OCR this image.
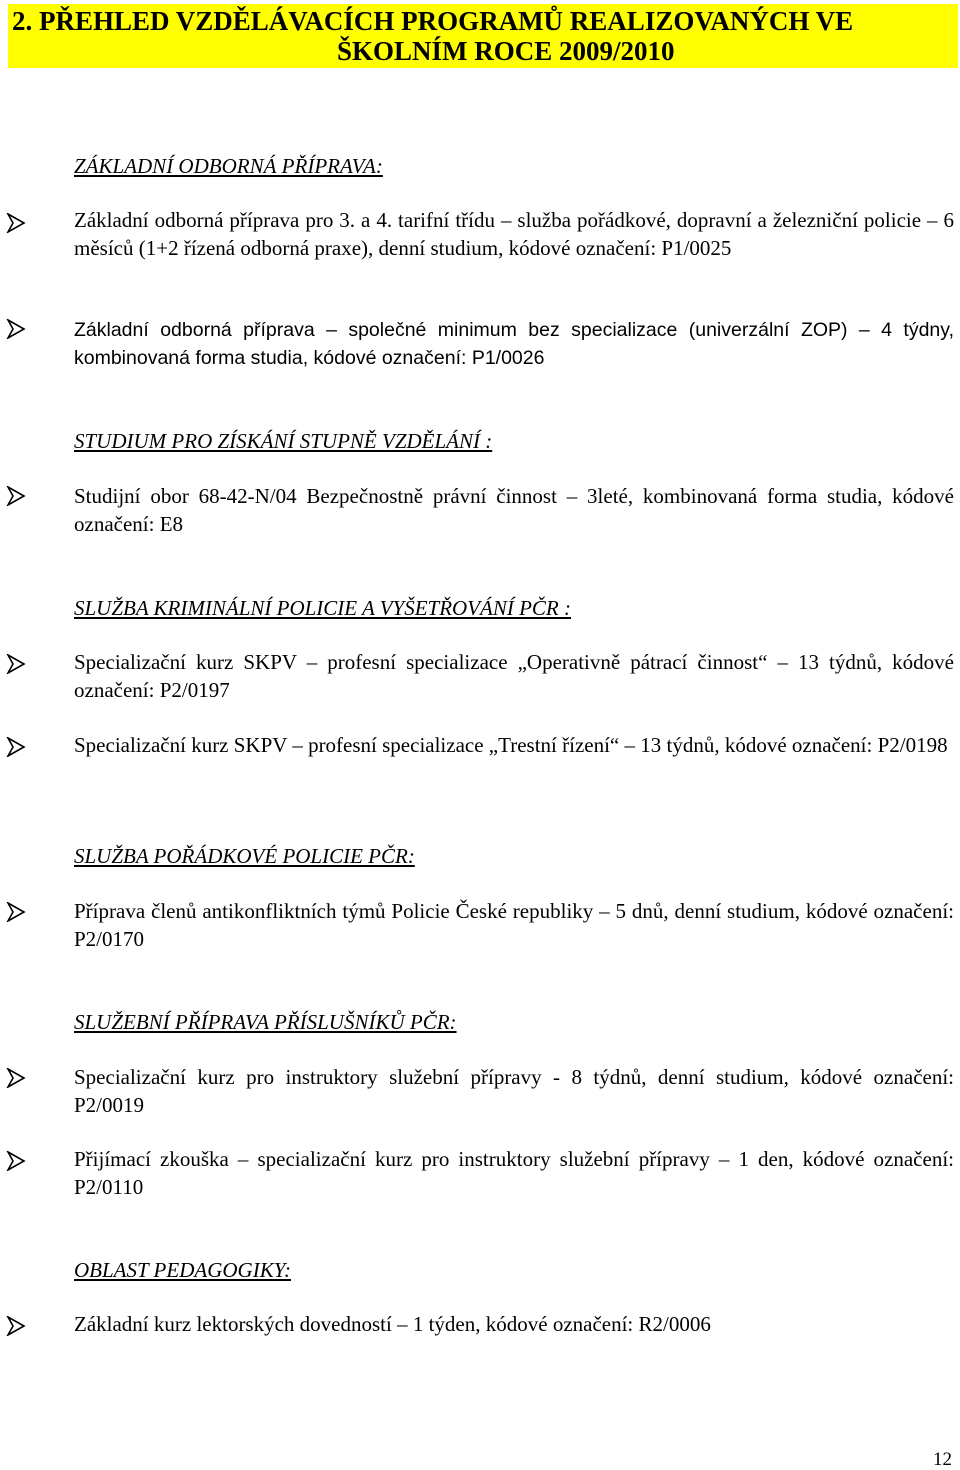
2. PŘEHLED VZDĚLÁVACÍCH PROGRAMŮ REALIZOVANÝCH VE
ŠKOLNÍM ROCE 2009/2010
ZÁKLADNÍ ODBORNÁ PŘÍPRAVA:
Základní odborná příprava pro 3. a 4. tarifní třídu – služba pořádkové, dopravní a železniční policie – 6 měsíců (1+2 řízená odborná praxe), denní studium, kódové označení: P1/0025
Základní odborná příprava – společné minimum bez specializace (univerzální ZOP) – 4 týdny, kombinovaná forma studia, kódové označení: P1/0026
STUDIUM PRO ZÍSKÁNÍ STUPNĚ VZDĚLÁNÍ :
Studijní obor 68-42-N/04 Bezpečnostně právní činnost – 3leté, kombinovaná forma studia, kódové označení: E8
SLUŽBA KRIMINÁLNÍ POLICIE A VYŠETŘOVÁNÍ PČR :
Specializační kurz SKPV – profesní specializace „Operativně pátrací činnost“ – 13 týdnů, kódové označení: P2/0197
Specializační kurz SKPV – profesní specializace „Trestní řízení“ – 13 týdnů, kódové označení: P2/0198
SLUŽBA POŘÁDKOVÉ POLICIE PČR:
Příprava členů antikonfliktních týmů Policie České republiky – 5 dnů, denní studium, kódové označení: P2/0170
SLUŽEBNÍ PŘÍPRAVA PŘÍSLUŠNÍKŮ PČR:
Specializační kurz pro instruktory služební přípravy - 8 týdnů, denní studium, kódové označení: P2/0019
Přijímací zkouška – specializační kurz pro instruktory služební přípravy – 1 den, kódové označení: P2/0110
OBLAST PEDAGOGIKY:
Základní kurz lektorských dovedností – 1 týden, kódové označení: R2/0006
12
